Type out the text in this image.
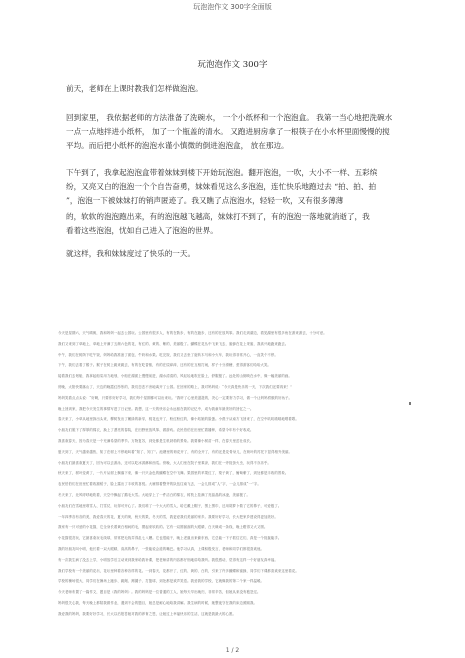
玩泡泡作文 300字全面版
玩泡泡作文 300字
前天，老师在上课时教我们怎样做泡泡。
回到家里， 我依据老师的方法准备了洗碗水， 一个小纸杯和一个泡泡盒。 我第一当心地把洗碗水
一点一点地拌进小纸杯， 加了一个瓶盖的清水。 又跑进厨房拿了一根筷子在小水杯里面慢慢的搅
平均。而后把小纸杯的泡泡水谨小慎微的倒进泡泡盒， 放在那边。
下午到了，我拿起泡泡盒带着妹妹到楼下开始玩泡泡。翻开泡泡，一吹，大小不一样、五彩缤
纷，又亮又白的泡泡一个个自告奋勇，妹妹看见这么多泡泡，连忙快乐地跑过去 “拍、拍、拍
”，泡泡一下被妹妹打的销声匿迹了。我又瞧了点泡泡水，轻轻一吹，又有很多薄薄
的，软软的泡泡跑出来，有的泡泡越飞越高，妹妹打不到了，有的泡泡一落地就消逝了，我
看着这些泡泡，忧如自己进入了泡泡的世界。
就这样，我和妹妹度过了快乐的一天。
今天是星期六，天气晴朗，我和妈妈一起去公园玩。公园里有很多人，有的在散步，有的在跑步，还有的在放风筝。我们走到湖边，看见湖里有很多鱼在游来游去，十分可爱。
我们又来到了草地上，草地上开满了五颜六色的花，有红的、黄的、紫的，美丽极了。蝴蝶在花丛中飞来飞去，蜜蜂在花上采蜜，我高兴地跑来跑去。
中午，我们在树荫下吃午饭，妈妈给我准备了面包、牛奶和水果。吃完饭，我们又去坐了旋转木马和小火车，我玩得非常开心，一直笑个不停。
下午，我们去看了猴子。猴子在树上跳来跳去，有的在吃香蕉，有的在挠痒痒，还有的在互相打闹，样子十分滑稽，惹得游客们哈哈大笑。
接着我们去划船，我拿起船桨用力地划，小船在湖面上慢慢前进，湖水清清的，风轻轻地吹在脸上，舒服极了。远处的山倒映在水中，像一幅美丽的画。
傍晚，太阳快要落山了，天边的晚霞红彤彤的，我们恋恋不舍地离开了公园。在回家的路上，我对妈妈说：“今天真是快乐的一天，下次我们还要再来！”
妈妈笑着点点头说：“好啊，只要你好好学习，我们每个星期都可以出来玩。”我听了心里美滋滋的，决心一定要努力学习，做一个让妈妈骄傲的好孩子。
晚上回到家，我把今天发生的事情写进了日记里。我想，这一天的快乐会永远留在我的记忆中，成为我童年最美好的回忆之一。
春天来了，小草从地里探出头来，柳树发出了嫩绿的新芽，桃花也开了，粉红粉红的，像小姑娘的脸蛋。小燕子从南方飞回来了，在空中叽叽喳喳地唱着歌。
小朋友们脱下了厚厚的棉衣，换上了漂亮的春装，在田野里放风筝、做游戏。农民伯伯在田里忙着播种，希望今年有个好收成。
我喜欢春天，因为春天是一个充满希望的季节。万物复苏，到处都是生机勃勃的景象。我要像小树苗一样，在春天里茁壮成长。
夏天到了，天气越来越热，知了在树上不停地叫着“知了、知了”。池塘里的荷花开了，有的全开了，有的还是花骨朵儿，在荷叶的衬托下显得格外美丽。
小朋友们最喜欢夏天了，因为可以去游泳，还可以吃冰淇淋和西瓜。傍晚，大人们坐在院子里乘凉，我们在一旁捉萤火虫，玩得不亦乐乎。
秋天来了，树叶变黄了，一片片从树上飘落下来，像一只只金色的蝴蝶在空中飞舞。果园里的苹果红了，梨子黄了，葡萄紫了，到处都是丰收的景象。
农民伯伯们在田里忙着收割稻子，脸上露出了丰收的喜悦。大雁排着整齐的队伍往南飞去，一会儿排成“人”字，一会儿排成“一”字。
冬天来了，北风呼呼地吹着，天空中飘起了鹅毛大雪。大地穿上了一件洁白的棉衣，树枝上挂满了亮晶晶的冰凌，美丽极了。
小朋友们在雪地里堆雪人、打雪仗，玩得可开心了。我们堆了一个大大的雪人，给它戴上帽子，围上围巾，还用胡萝卜做了它的鼻子，可爱极了。
一年四季各有各的美，我爱春天的花，夏天的荷，秋天的果，冬天的雪，我更爱我们美丽的家乡。我要好好学习，长大把家乡建设得更加美好。
我家有一只可爱的小花猫，它全身长着黄白相间的毛，摸起来软软的。它有一双圆溜溜的大眼睛，白天眯成一条线，晚上瞪得又大又圆。
小花猫很贪玩，它最喜欢玩毛线球，常常把毛线弄得乱七八糟。它也很能干，晚上老鼠出来偷东西，它总能一下子抓住它们，真是一个捉鼠能手。
我的好朋友叫小明，他长着一双大眼睛，高高的鼻子，一张能说会道的嘴巴。他学习认真，上课积极发言，老师和同学们都很喜欢他。
有一次我生病了没去上学，小明放学后主动来到我家给我补课，把老师讲的内容都仔细地讲给我听。我很感动，觉得有这样一个好朋友真幸福。
我们学校有一个美丽的花坛，花坛里种着各种各样的花。一到春天，花都开了，红的、黄的、白的，引来了许多蝴蝶和蜜蜂，同学们下课都喜欢来这里看花。
学校的操场很大，同学们在操场上跑步、跳绳、踢毽子、打篮球，到处都是欢声笑语。我爱我的学校，它就像我的第二个家一样温暖。
今天老师布置了一篇作文，题目是《我的妈妈》。我的妈妈是一位普通的工人，她每天早出晚归，非常辛苦，但她从来没有抱怨过。
妈妈很关心我，每天晚上都陪我做作业，遇到不会的题目，她总是耐心地给我讲解。我生病的时候，她整夜守在我的床边照顾我。
我爱我的妈妈，我要好好学习，长大以后报答她对我的养育之恩，让她过上幸福快乐的生活，这就是我最大的心愿。
1 / 2
